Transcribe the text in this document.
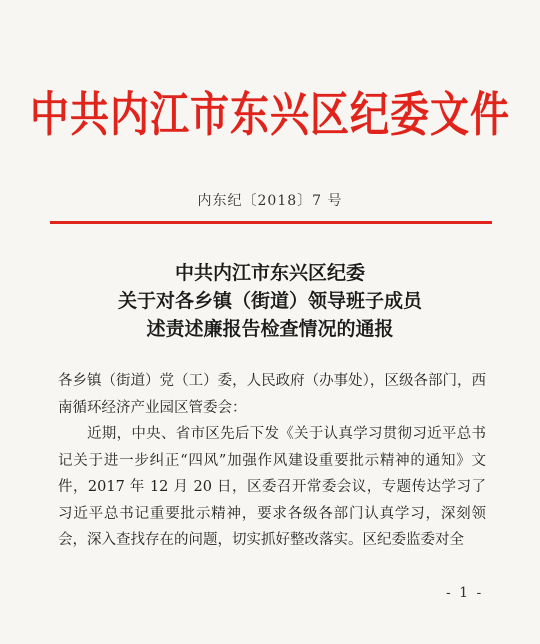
中共内江市东兴区纪委文件
内东纪〔2018〕7 号
中共内江市东兴区纪委
关于对各乡镇（街道）领导班子成员
述责述廉报告检查情况的通报

各乡镇（街道）党（工）委，人民政府（办事处），区级各部门，西南循环经济产业园区管委会：

近期，中央、省市区先后下发《关于认真学习贯彻习近平总书记关于进一步纠正“四风”加强作风建设重要批示精神的通知》文件，2017 年 12 月 20 日，区委召开常委会议，专题传达学习了习近平总书记重要批示精神，要求各级各部门认真学习，深刻领会，深入查找存在的问题，切实抓好整改落实。区纪委监委对全

- 1 -
